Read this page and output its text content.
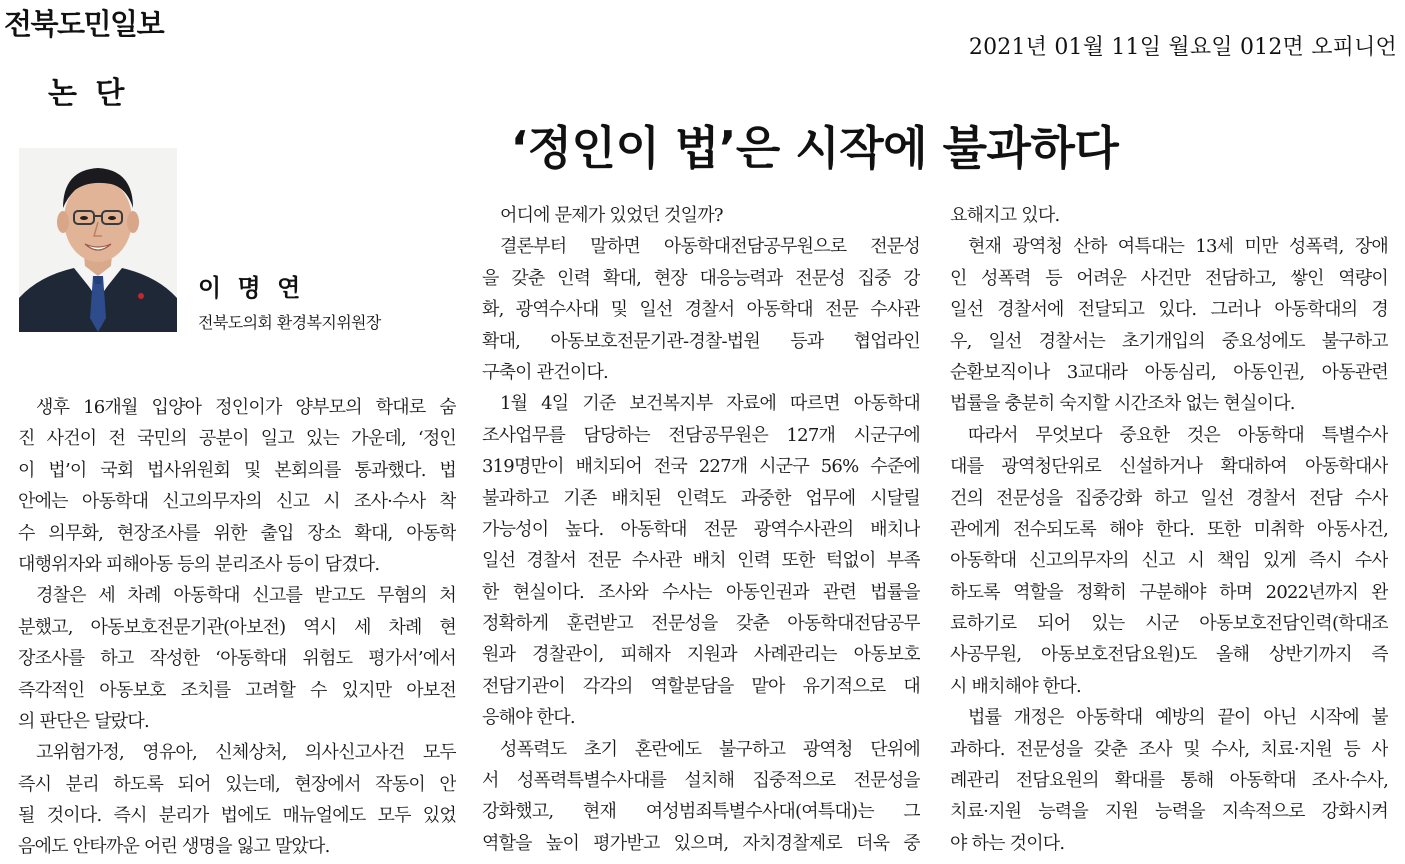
전북도민일보
2021년 01월 11일 월요일 012면 오피니언
논 단
‘정인이 법’은 시작에 불과하다
이 명 연
전북도의회 환경복지위원장
생후 16개월 입양아 정인이가 양부모의 학대로 숨
진 사건이 전 국민의 공분이 일고 있는 가운데, ‘정인
이 법’이 국회 법사위원회 및 본회의를 통과했다. 법
안에는 아동학대 신고의무자의 신고 시 조사·수사 착
수 의무화, 현장조사를 위한 출입 장소 확대, 아동학
대행위자와 피해아동 등의 분리조사 등이 담겼다.
경찰은 세 차례 아동학대 신고를 받고도 무혐의 처
분했고, 아동보호전문기관(아보전) 역시 세 차례 현
장조사를 하고 작성한 ‘아동학대 위험도 평가서’에서
즉각적인 아동보호 조치를 고려할 수 있지만 아보전
의 판단은 달랐다.
고위험가정, 영유아, 신체상처, 의사신고사건 모두
즉시 분리 하도록 되어 있는데, 현장에서 작동이 안
될 것이다. 즉시 분리가 법에도 매뉴얼에도 모두 있었
음에도 안타까운 어린 생명을 잃고 말았다.
어디에 문제가 있었던 것일까?
결론부터 말하면 아동학대전담공무원으로 전문성
을 갖춘 인력 확대, 현장 대응능력과 전문성 집중 강
화, 광역수사대 및 일선 경찰서 아동학대 전문 수사관
확대, 아동보호전문기관-경찰-법원 등과 협업라인
구축이 관건이다.
1월 4일 기준 보건복지부 자료에 따르면 아동학대
조사업무를 담당하는 전담공무원은 127개 시군구에
319명만이 배치되어 전국 227개 시군구 56% 수준에
불과하고 기존 배치된 인력도 과중한 업무에 시달릴
가능성이 높다. 아동학대 전문 광역수사관의 배치나
일선 경찰서 전문 수사관 배치 인력 또한 턱없이 부족
한 현실이다. 조사와 수사는 아동인권과 관련 법률을
정확하게 훈련받고 전문성을 갖춘 아동학대전담공무
원과 경찰관이, 피해자 지원과 사례관리는 아동보호
전담기관이 각각의 역할분담을 맡아 유기적으로 대
응해야 한다.
성폭력도 초기 혼란에도 불구하고 광역청 단위에
서 성폭력특별수사대를 설치해 집중적으로 전문성을
강화했고, 현재 여성범죄특별수사대(여특대)는 그
역할을 높이 평가받고 있으며, 자치경찰제로 더욱 중
요해지고 있다.
현재 광역청 산하 여특대는 13세 미만 성폭력, 장애
인 성폭력 등 어려운 사건만 전담하고, 쌓인 역량이
일선 경찰서에 전달되고 있다. 그러나 아동학대의 경
우, 일선 경찰서는 초기개입의 중요성에도 불구하고
순환보직이나 3교대라 아동심리, 아동인권, 아동관련
법률을 충분히 숙지할 시간조차 없는 현실이다.
따라서 무엇보다 중요한 것은 아동학대 특별수사
대를 광역청단위로 신설하거나 확대하여 아동학대사
건의 전문성을 집중강화 하고 일선 경찰서 전담 수사
관에게 전수되도록 해야 한다. 또한 미취학 아동사건,
아동학대 신고의무자의 신고 시 책임 있게 즉시 수사
하도록 역할을 정확히 구분해야 하며 2022년까지 완
료하기로 되어 있는 시군 아동보호전담인력(학대조
사공무원, 아동보호전담요원)도 올해 상반기까지 즉
시 배치해야 한다.
법률 개정은 아동학대 예방의 끝이 아닌 시작에 불
과하다. 전문성을 갖춘 조사 및 수사, 치료·지원 등 사
례관리 전담요원의 확대를 통해 아동학대 조사·수사,
치료·지원 능력을 지원 능력을 지속적으로 강화시켜
야 하는 것이다.
